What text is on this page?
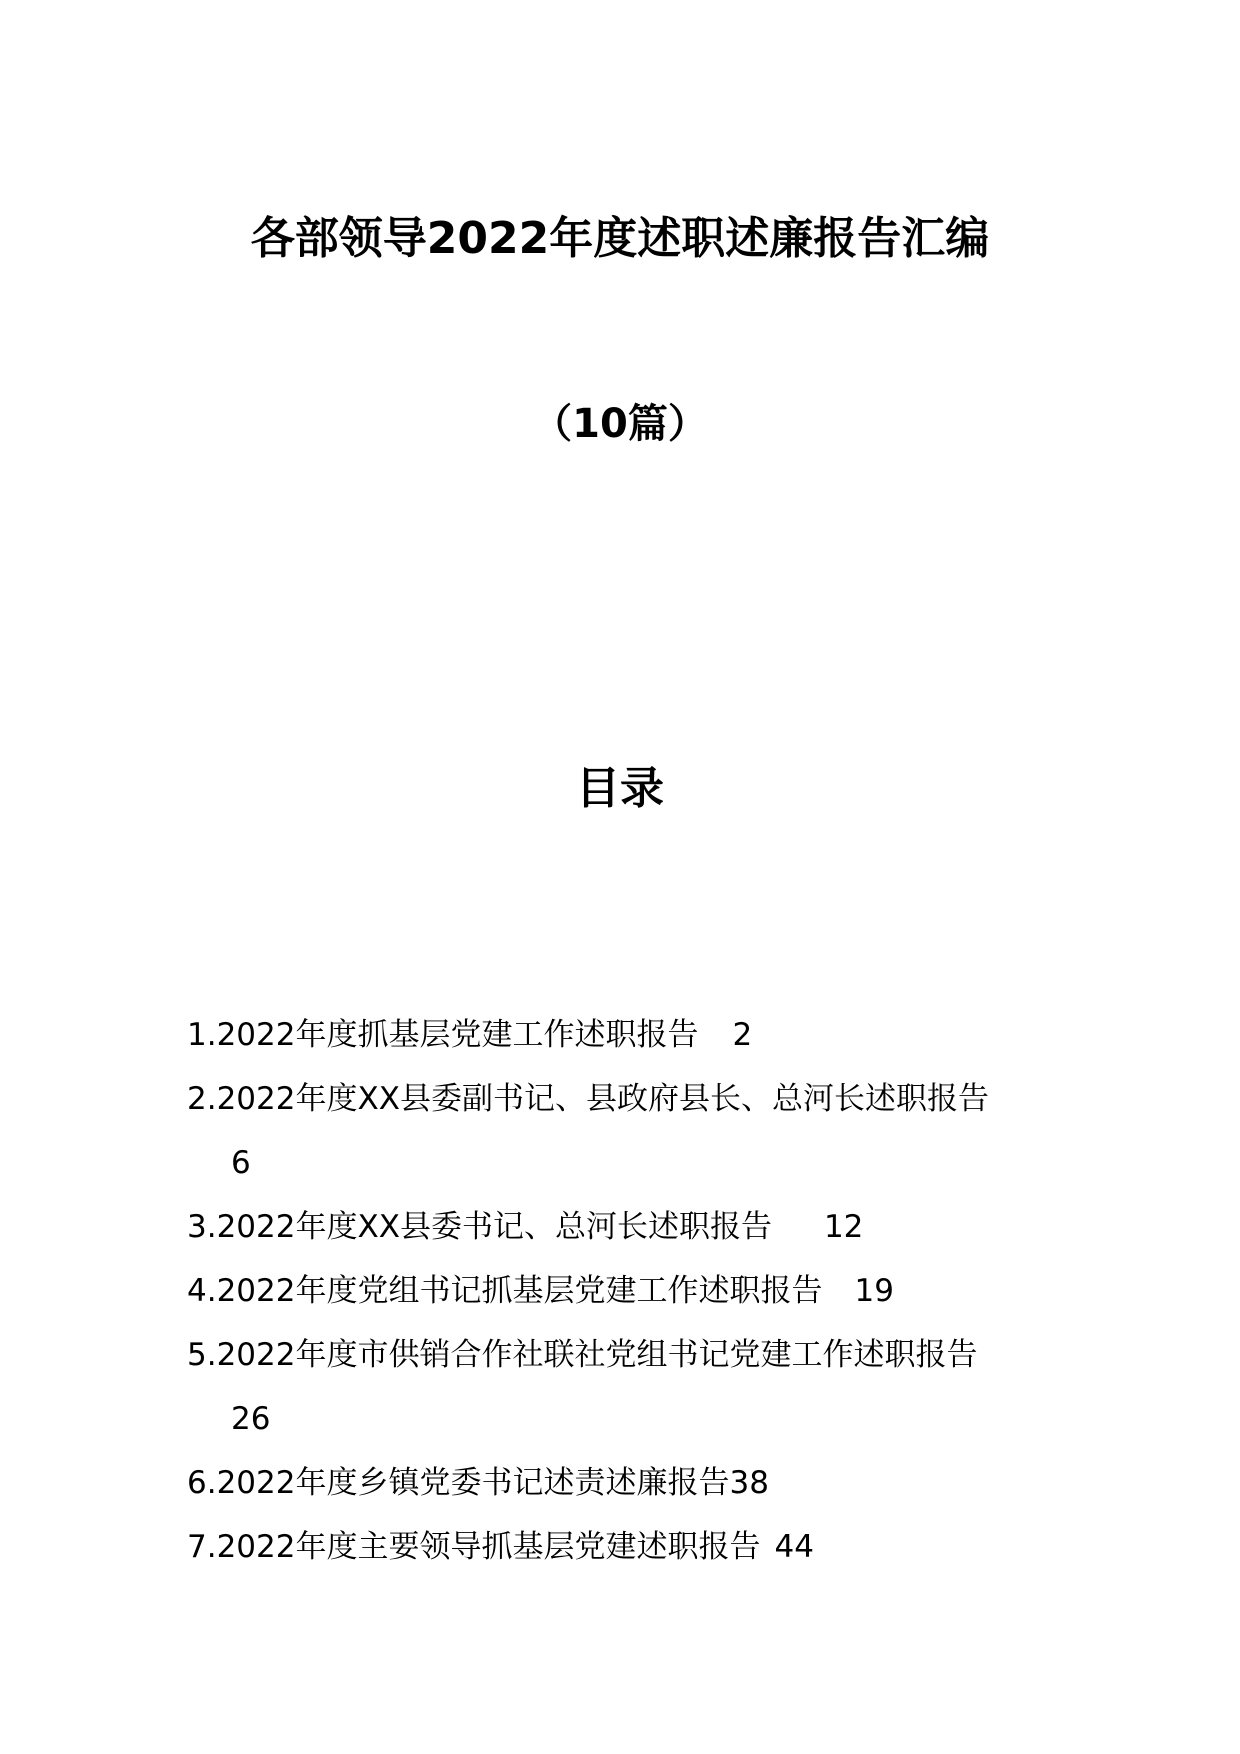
各部领导2022年度述职述廉报告汇编
（10篇）
目录
1.2022年度抓基层党建工作述职报告 2
2.2022年度XX县委副书记、县政府县长、总河长述职报告
6
3.2022年度XX县委书记、总河长述职报告 12
4.2022年度党组书记抓基层党建工作述职报告 19
5.2022年度市供销合作社联社党组书记党建工作述职报告
26
6.2022年度乡镇党委书记述责述廉报告38
7.2022年度主要领导抓基层党建述职报告 44
